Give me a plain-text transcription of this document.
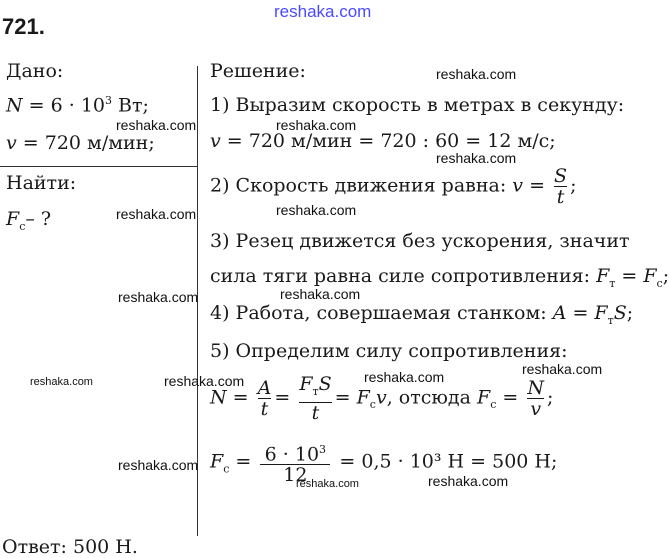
721.
reshaka.com
Дано:
$N = 6 \cdot 10^3$ Вт;
v = 720 м/мин;
Найти:
$F_c-$ ?
Решение:
1) Выразим скорость в метрах в секунду:
v = 720 м/мин = 720 : 60 = 12 м/с;
2) Скорость движения равна: $v = \frac{S}{t}$ ;
3) Резец движется без ускорения, значит
сила тяги равна силе сопротивления: $F_т = F_c$;
4) Работа, совершаемая станком: $A = F_тS$;
5) Определим силу сопротивления:
$N = \frac{A}{t} = \frac{F_тS}{t} = F_cv$, отсюда $F_c = \frac{N}{v}$ ;
$F_c = \frac{6 \cdot 10^3}{12} = 0,5 \cdot 10^3$ Н = 500 Н;
Ответ: 500 Н.
reshaka.com
reshaka.com	reshaka.com
reshaka.com
reshaka.com	reshaka.com
reshaka.com	reshaka.com
reshaka.com	reshaka.com	reshaka.com	reshaka.com
reshaka.com
reshaka.com	reshaka.com
